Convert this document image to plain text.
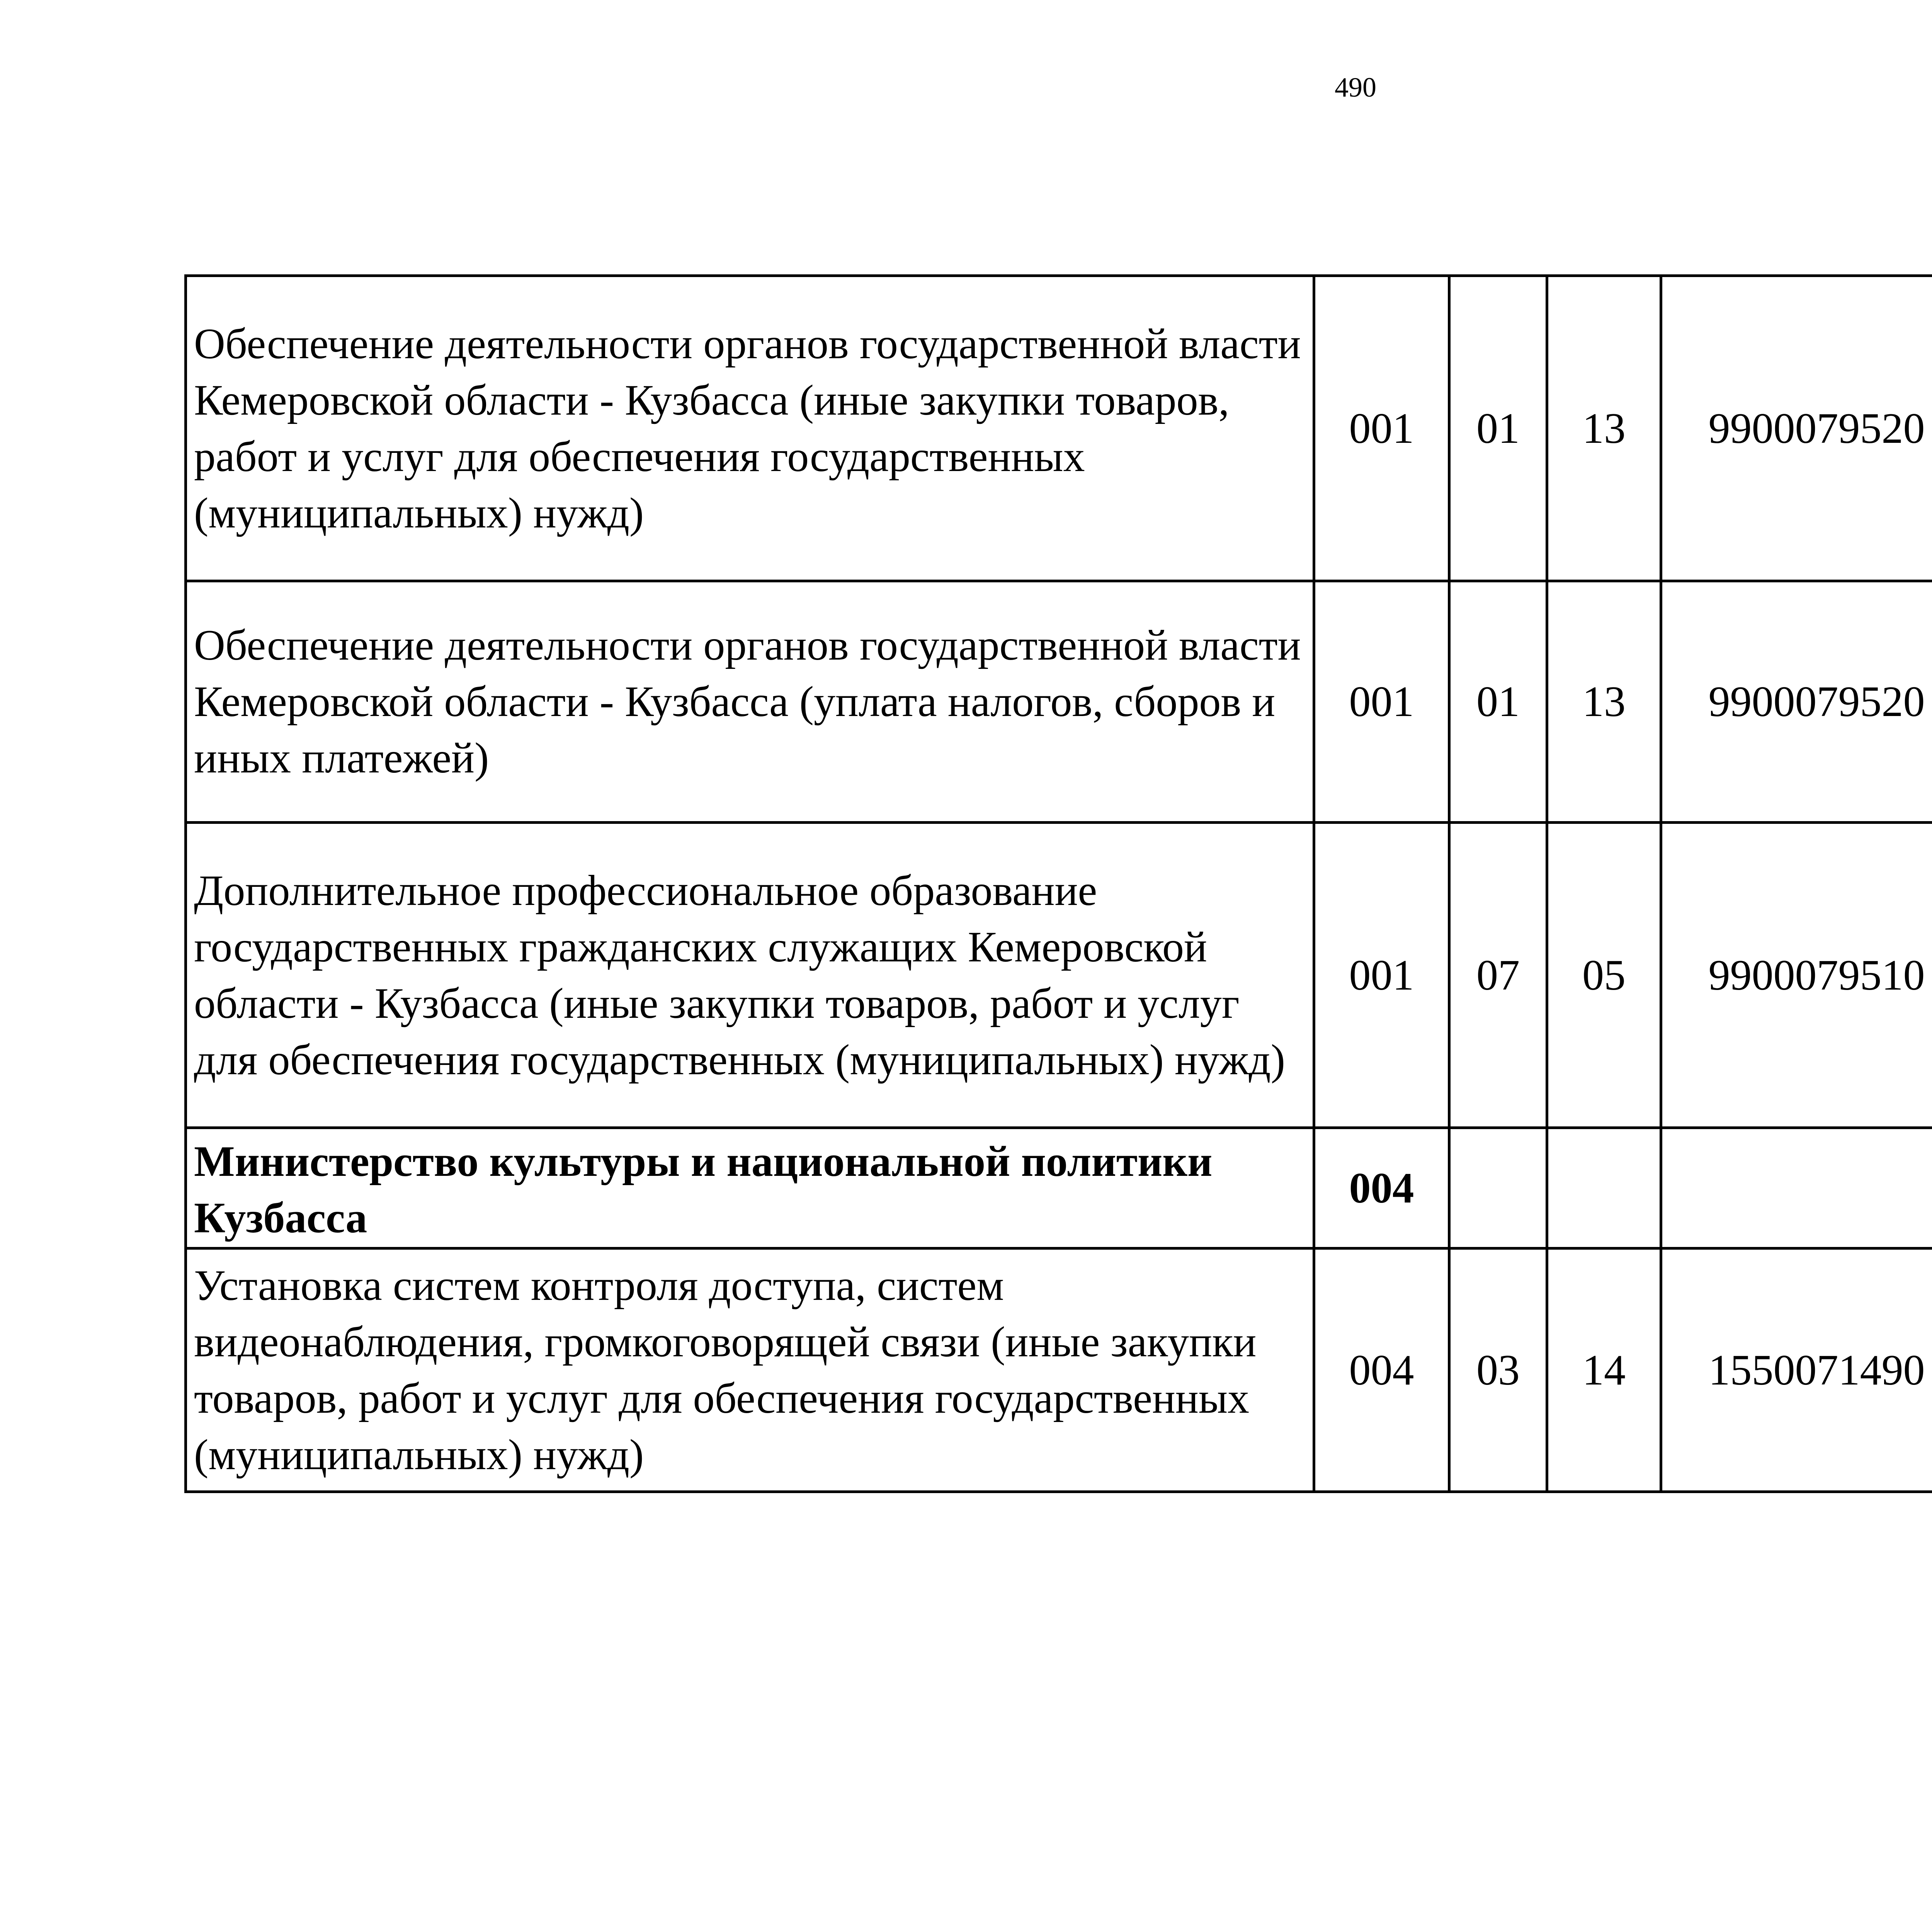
490
Обеспечение деятельности органов государственной власти Кемеровской области - Кузбасса (иные закупки товаров, работ и услуг для обеспечения государственных (муниципальных) нужд)	001	01	13	9900079520		
Обеспечение деятельности органов государственной власти Кемеровской области - Кузбасса (уплата налогов, сборов и иных платежей)	001	01	13	9900079520		
Дополнительное профессиональное образование государственных гражданских служащих Кемеровской области - Кузбасса (иные закупки товаров, работ и услуг для обеспечения государственных (муниципальных) нужд)	001	07	05	9900079510		
Министерство культуры и национальной политики Кузбасса	004					
Установка систем контроля доступа, систем видеонаблюдения, громкоговорящей связи (иные закупки товаров, работ и услуг для обеспечения государственных (муниципальных) нужд)	004	03	14	1550071490		
